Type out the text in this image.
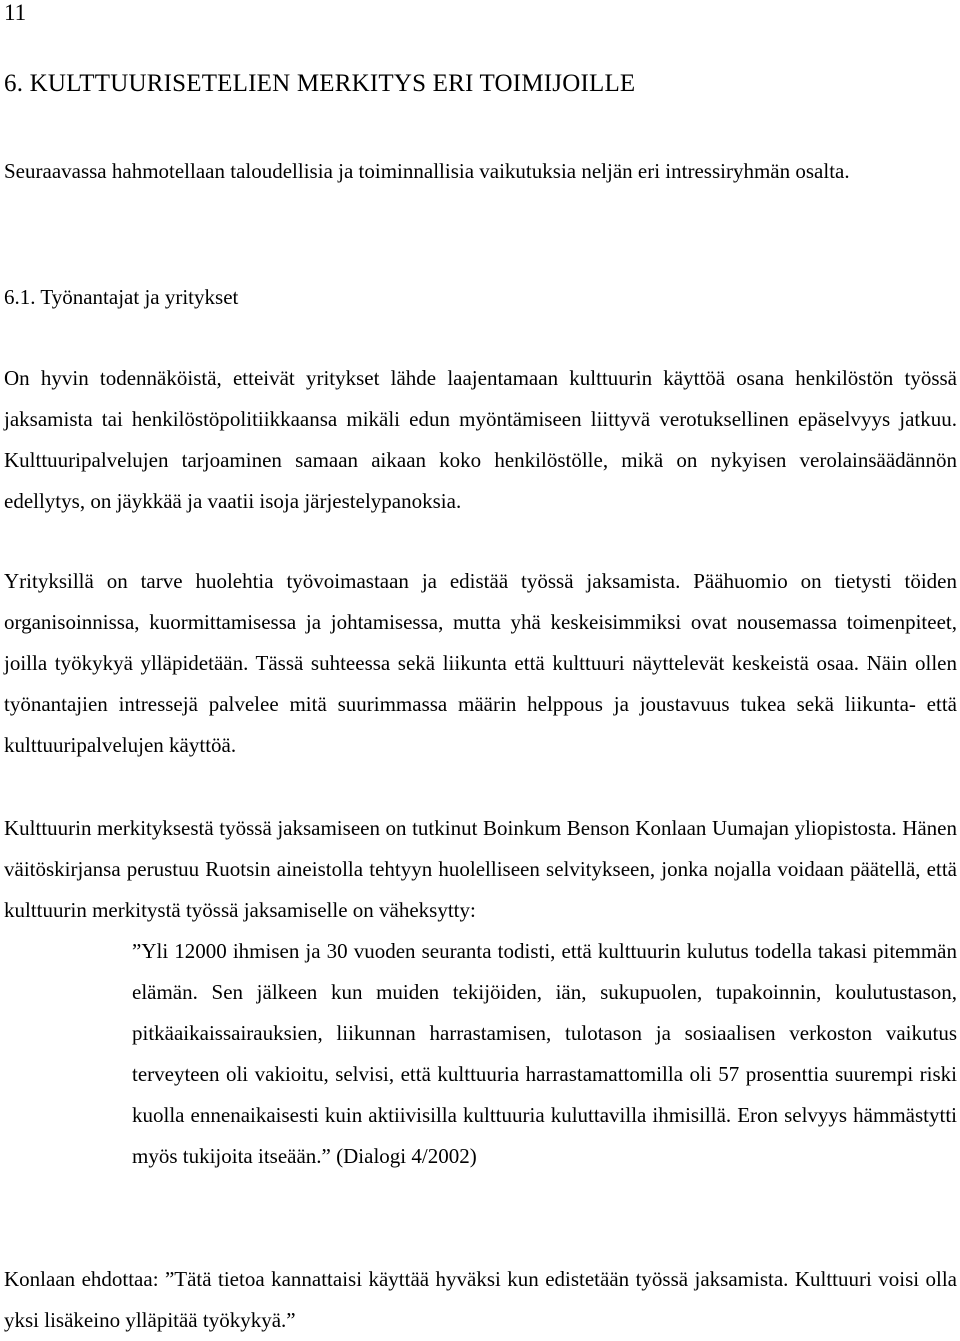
11
6. KULTTUURISETELIEN MERKITYS ERI TOIMIJOILLE

Seuraavassa hahmotellaan taloudellisia ja toiminnallisia vaikutuksia neljän eri intressiryhmän osalta.

6.1. Työnantajat ja yritykset

On hyvin todennäköistä, etteivät yritykset lähde laajentamaan kulttuurin käyttöä osana henkilöstön työssä jaksamista tai henkilöstöpolitiikkaansa mikäli edun myöntämiseen liittyvä verotuksellinen epäselvyys jatkuu. Kulttuuripalvelujen tarjoaminen samaan aikaan koko henkilöstölle, mikä on nykyisen verolainsäädännön edellytys, on jäykkää ja vaatii isoja järjestelypanoksia.

Yrityksillä on tarve huolehtia työvoimastaan ja edistää työssä jaksamista. Päähuomio on tietysti töiden organisoinnissa, kuormittamisessa ja johtamisessa, mutta yhä keskeisimmiksi ovat nousemassa toimenpiteet, joilla työkykyä ylläpidetään. Tässä suhteessa sekä liikunta että kulttuuri näyttelevät keskeistä osaa. Näin ollen työnantajien intressejä palvelee mitä suurimmassa määrin helppous ja joustavuus tukea sekä liikunta- että kulttuuripalvelujen käyttöä.

Kulttuurin merkityksestä työssä jaksamiseen on tutkinut Boinkum Benson Konlaan Uumajan yliopistosta. Hänen väitöskirjansa perustuu Ruotsin aineistolla tehtyyn huolelliseen selvitykseen, jonka nojalla voidaan päätellä, että kulttuurin merkitystä työssä jaksamiselle on väheksytty:

”Yli 12000 ihmisen ja 30 vuoden seuranta todisti, että kulttuurin kulutus todella takasi pitemmän elämän. Sen jälkeen kun muiden tekijöiden, iän, sukupuolen, tupakoinnin, koulutustason, pitkäaikaissairauksien, liikunnan harrastamisen, tulotason ja sosiaalisen verkoston vaikutus terveyteen oli vakioitu, selvisi, että kulttuuria harrastamattomilla oli 57 prosenttia suurempi riski kuolla ennenaikaisesti kuin aktiivisilla kulttuuria kuluttavilla ihmisillä. Eron selvyys hämmästytti myös tukijoita itseään.” (Dialogi 4/2002)

Konlaan ehdottaa: ”Tätä tietoa kannattaisi käyttää hyväksi kun edistetään työssä jaksamista. Kulttuuri voisi olla yksi lisäkeino ylläpitää työkykyä.”
